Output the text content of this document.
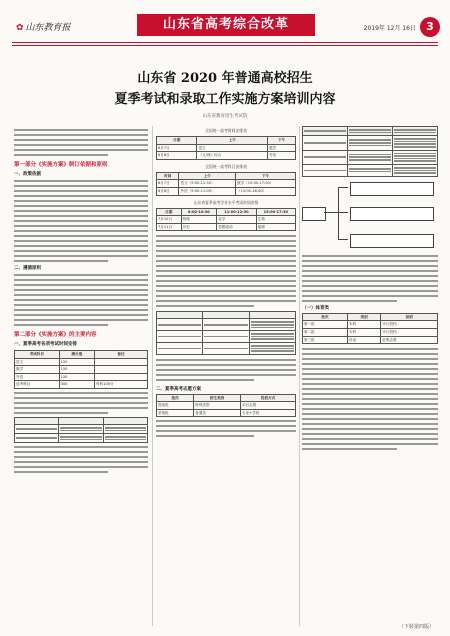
✿ 山东教育报	山东省高考综合改革	2019年 12月 16日 3
山东省 2020 年普通高校招生
夏季考试和录取工作实施方案培训内容
山东省教育招生考试院
第一部分《实施方案》制订依据和原则
一、政策依据
二、遵循原则
第二部分《实施方案》的主要内容
一、夏季高考各项考试时间安排
考试科目	满分值	备注
语文	150	
数学	150	
外语	150	
选考科目	300	每科100分

全国统一高考时间安排表
日期	上午	下午
6月7日	语文	数学
6月8日	（文/理）综合	外语
全国统一高考科目安排表
时间	上午	下午
6月7日	语文（9:00-11:30）	数学（15:00-17:00）
6月8日	外语（9:00-11:00）	（15:00-16:40）
山东省夏季高考学业水平考试时间安排
日期	8:00-10:30	11:00-12:30	15:00-17:30
7月10日	物理	化学	生物
7月11日	历史	思想政治	地理

二、夏季高考志愿方案
批次	招生类别	投档方式
提前批	特殊类型	平行志愿
常规批	普通类	专业+学校

（一）体育类
批次	类别	说明
第一批	本科	平行投档
第二批	专科	平行投档
第三批	补录	征集志愿
（下转第四版）
